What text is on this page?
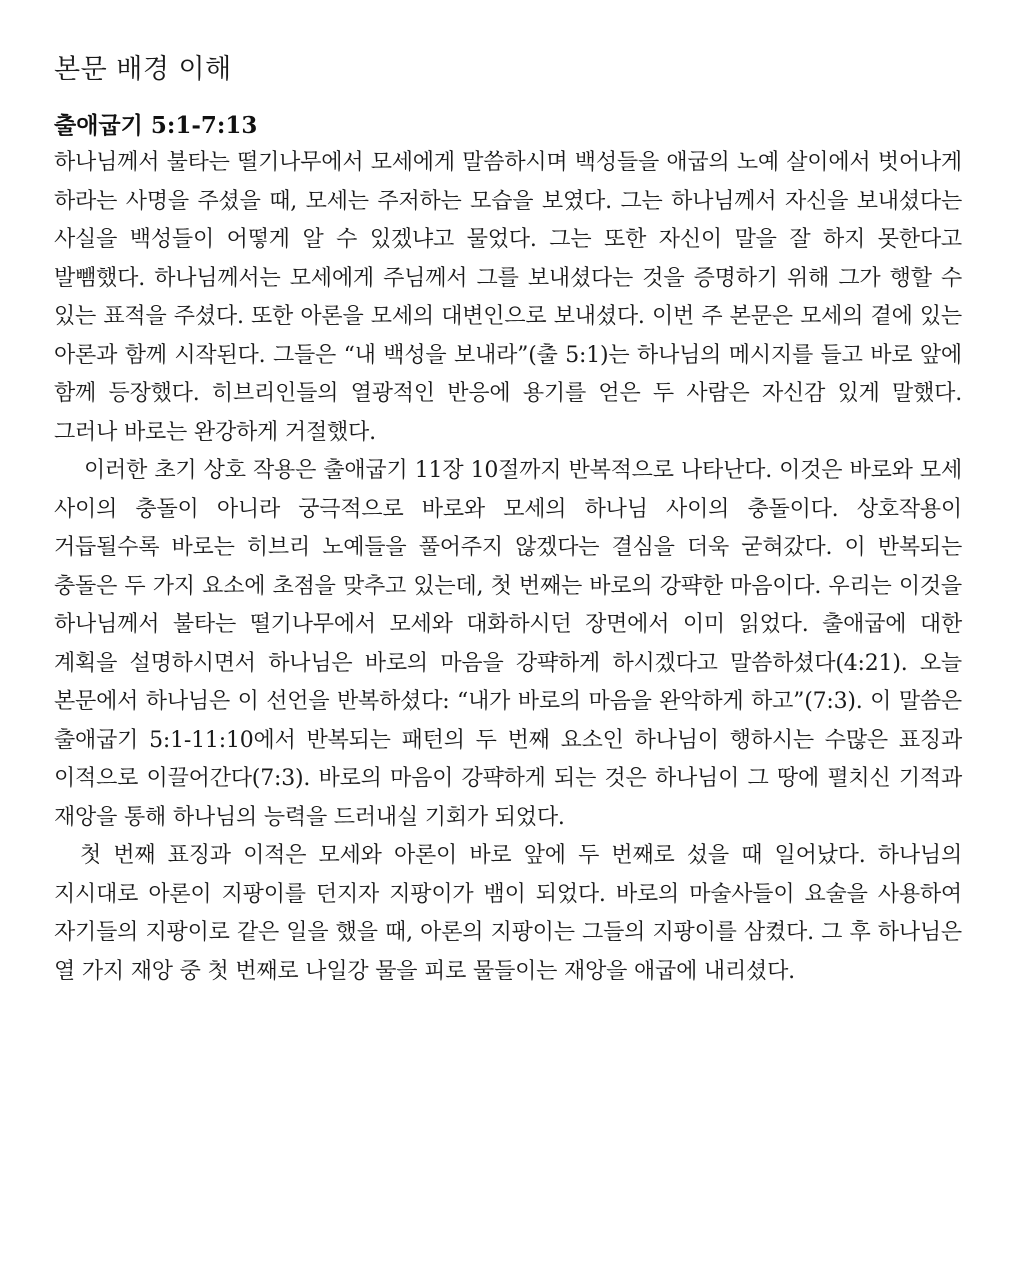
본문 배경 이해
출애굽기 5:1-7:13

하나님께서 불타는 떨기나무에서 모세에게 말씀하시며 백성들을 애굽의 노예 살이에서 벗어나게 하라는 사명을 주셨을 때, 모세는 주저하는 모습을 보였다. 그는 하나님께서 자신을 보내셨다는 사실을 백성들이 어떻게 알 수 있겠냐고 물었다. 그는 또한 자신이 말을 잘 하지 못한다고 발뺌했다. 하나님께서는 모세에게 주님께서 그를 보내셨다는 것을 증명하기 위해 그가 행할 수 있는 표적을 주셨다. 또한 아론을 모세의 대변인으로 보내셨다. 이번 주 본문은 모세의 곁에 있는 아론과 함께 시작된다. 그들은 “내 백성을 보내라”(출 5:1)는 하나님의 메시지를 들고 바로 앞에 함께 등장했다. 히브리인들의 열광적인 반응에 용기를 얻은 두 사람은 자신감 있게 말했다. 그러나 바로는 완강하게 거절했다.

이러한 초기 상호 작용은 출애굽기 11장 10절까지 반복적으로 나타난다. 이것은 바로와 모세 사이의 충돌이 아니라 궁극적으로 바로와 모세의 하나님 사이의 충돌이다. 상호작용이 거듭될수록 바로는 히브리 노예들을 풀어주지 않겠다는 결심을 더욱 굳혀갔다. 이 반복되는 충돌은 두 가지 요소에 초점을 맞추고 있는데, 첫 번째는 바로의 강퍅한 마음이다. 우리는 이것을 하나님께서 불타는 떨기나무에서 모세와 대화하시던 장면에서 이미 읽었다. 출애굽에 대한 계획을 설명하시면서 하나님은 바로의 마음을 강퍅하게 하시겠다고 말씀하셨다(4:21). 오늘 본문에서 하나님은 이 선언을 반복하셨다: “내가 바로의 마음을 완악하게 하고”(7:3). 이 말씀은 출애굽기 5:1-11:10에서 반복되는 패턴의 두 번째 요소인 하나님이 행하시는 수많은 표징과 이적으로 이끌어간다(7:3). 바로의 마음이 강퍅하게 되는 것은 하나님이 그 땅에 펼치신 기적과 재앙을 통해 하나님의 능력을 드러내실 기회가 되었다.

첫 번째 표징과 이적은 모세와 아론이 바로 앞에 두 번째로 섰을 때 일어났다. 하나님의 지시대로 아론이 지팡이를 던지자 지팡이가 뱀이 되었다. 바로의 마술사들이 요술을 사용하여 자기들의 지팡이로 같은 일을 했을 때, 아론의 지팡이는 그들의 지팡이를 삼켰다. 그 후 하나님은 열 가지 재앙 중 첫 번째로 나일강 물을 피로 물들이는 재앙을 애굽에 내리셨다.
